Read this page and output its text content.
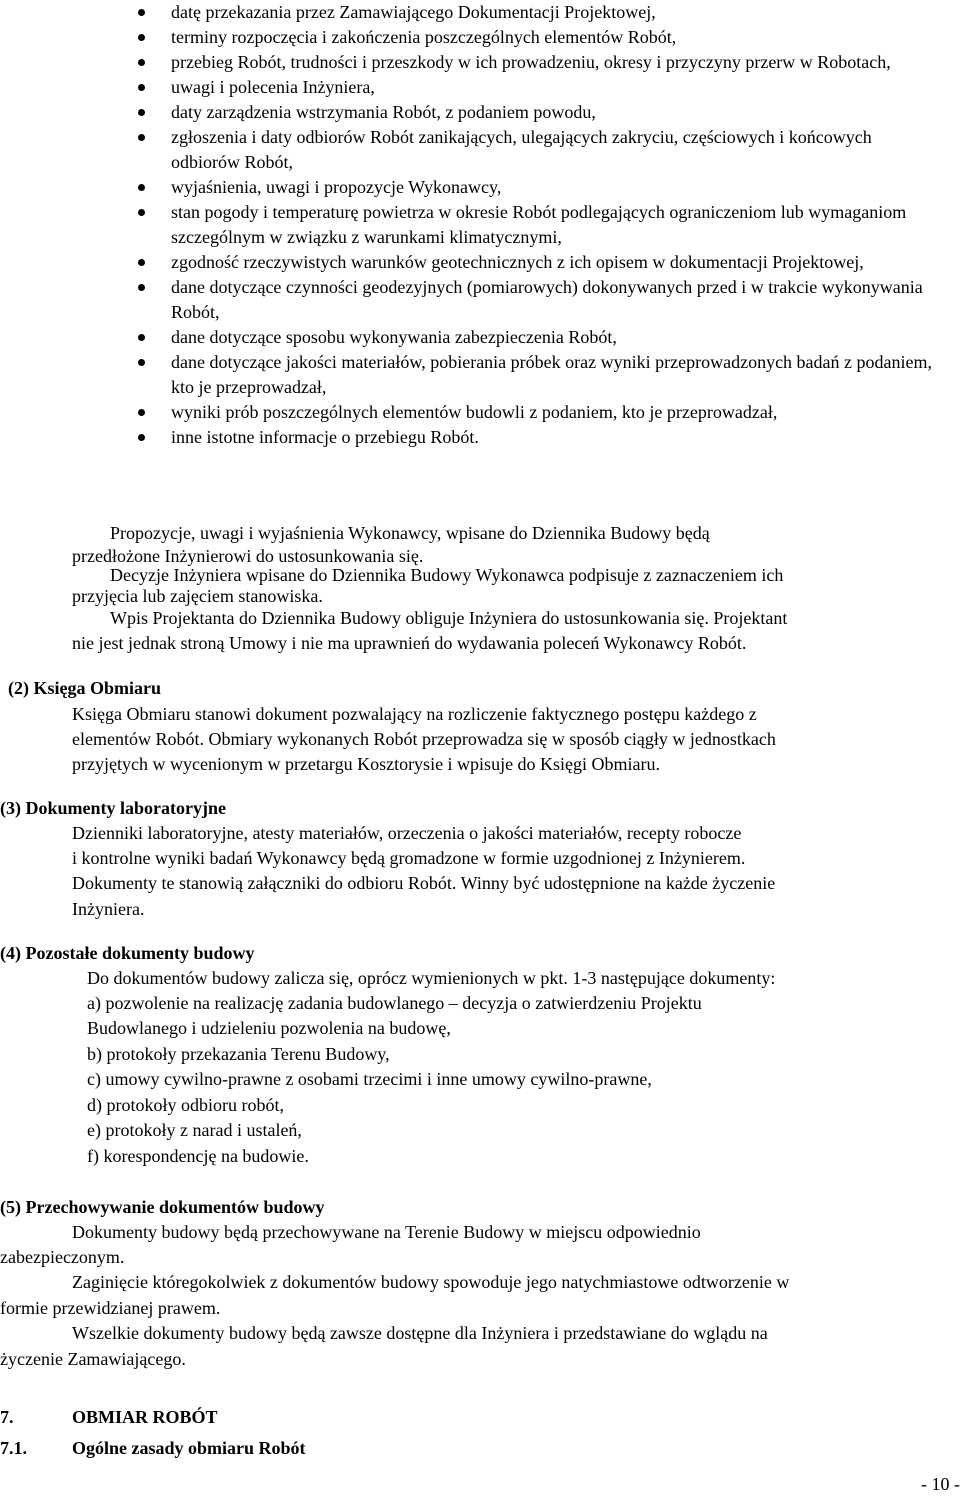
datę przekazania przez Zamawiającego Dokumentacji Projektowej,
terminy rozpoczęcia i zakończenia poszczególnych elementów Robót,
przebieg Robót, trudności i przeszkody w ich prowadzeniu, okresy i przyczyny przerw w Robotach,
uwagi i polecenia Inżyniera,
daty zarządzenia wstrzymania Robót, z podaniem powodu,
zgłoszenia i daty odbiorów Robót zanikających, ulegających zakryciu, częściowych i końcowych odbiorów Robót,
wyjaśnienia, uwagi i propozycje Wykonawcy,
stan pogody i temperaturę powietrza w okresie Robót podlegających ograniczeniom lub wymaganiom szczególnym w związku z warunkami klimatycznymi,
zgodność rzeczywistych warunków geotechnicznych z ich opisem w dokumentacji Projektowej,
dane dotyczące czynności geodezyjnych (pomiarowych) dokonywanych przed i w trakcie wykonywania Robót,
dane dotyczące sposobu wykonywania zabezpieczenia Robót,
dane dotyczące jakości materiałów, pobierania próbek oraz wyniki przeprowadzonych badań z podaniem, kto je przeprowadzał,
wyniki prób poszczególnych elementów budowli z podaniem, kto je przeprowadzał,
inne istotne informacje o przebiegu Robót.
Propozycje, uwagi i wyjaśnienia Wykonawcy, wpisane do Dziennika Budowy będą
przedłożone Inżynierowi do ustosunkowania się.
Decyzje Inżyniera wpisane do Dziennika Budowy Wykonawca podpisuje z zaznaczeniem ich
przyjęcia lub zajęciem stanowiska.
Wpis Projektanta do Dziennika Budowy obliguje Inżyniera do ustosunkowania się. Projektant
nie jest jednak stroną Umowy i nie ma uprawnień do wydawania poleceń Wykonawcy Robót.
(2) Księga Obmiaru
Księga Obmiaru stanowi dokument pozwalający na rozliczenie faktycznego postępu każdego z
elementów Robót. Obmiary wykonanych Robót przeprowadza się w sposób ciągły w jednostkach
przyjętych w wycenionym w przetargu Kosztorysie i wpisuje do Księgi Obmiaru.
(3) Dokumenty laboratoryjne
Dzienniki laboratoryjne, atesty materiałów, orzeczenia o jakości materiałów, recepty robocze
i kontrolne wyniki badań Wykonawcy będą gromadzone w formie uzgodnionej z Inżynierem.
Dokumenty te stanowią załączniki do odbioru Robót. Winny być udostępnione na każde życzenie
Inżyniera.
(4) Pozostałe dokumenty budowy
Do dokumentów budowy zalicza się, oprócz wymienionych w pkt. 1-3 następujące dokumenty:
a) pozwolenie na realizację zadania budowlanego – decyzja o zatwierdzeniu Projektu
Budowlanego i udzieleniu pozwolenia na budowę,
b) protokoły przekazania Terenu Budowy,
c) umowy cywilno-prawne z osobami trzecimi i inne umowy cywilno-prawne,
d) protokoły odbioru robót,
e) protokoły z narad i ustaleń,
f) korespondencję na budowie.
(5) Przechowywanie dokumentów budowy
Dokumenty budowy będą przechowywane na Terenie Budowy w miejscu odpowiednio
zabezpieczonym.
Zaginięcie któregokolwiek z dokumentów budowy spowoduje jego natychmiastowe odtworzenie w
formie przewidzianej prawem.
Wszelkie dokumenty budowy będą zawsze dostępne dla Inżyniera i przedstawiane do wglądu na
życzenie Zamawiającego.
7.	OBMIAR ROBÓT
7.1.	Ogólne zasady obmiaru Robót
- 10 -
